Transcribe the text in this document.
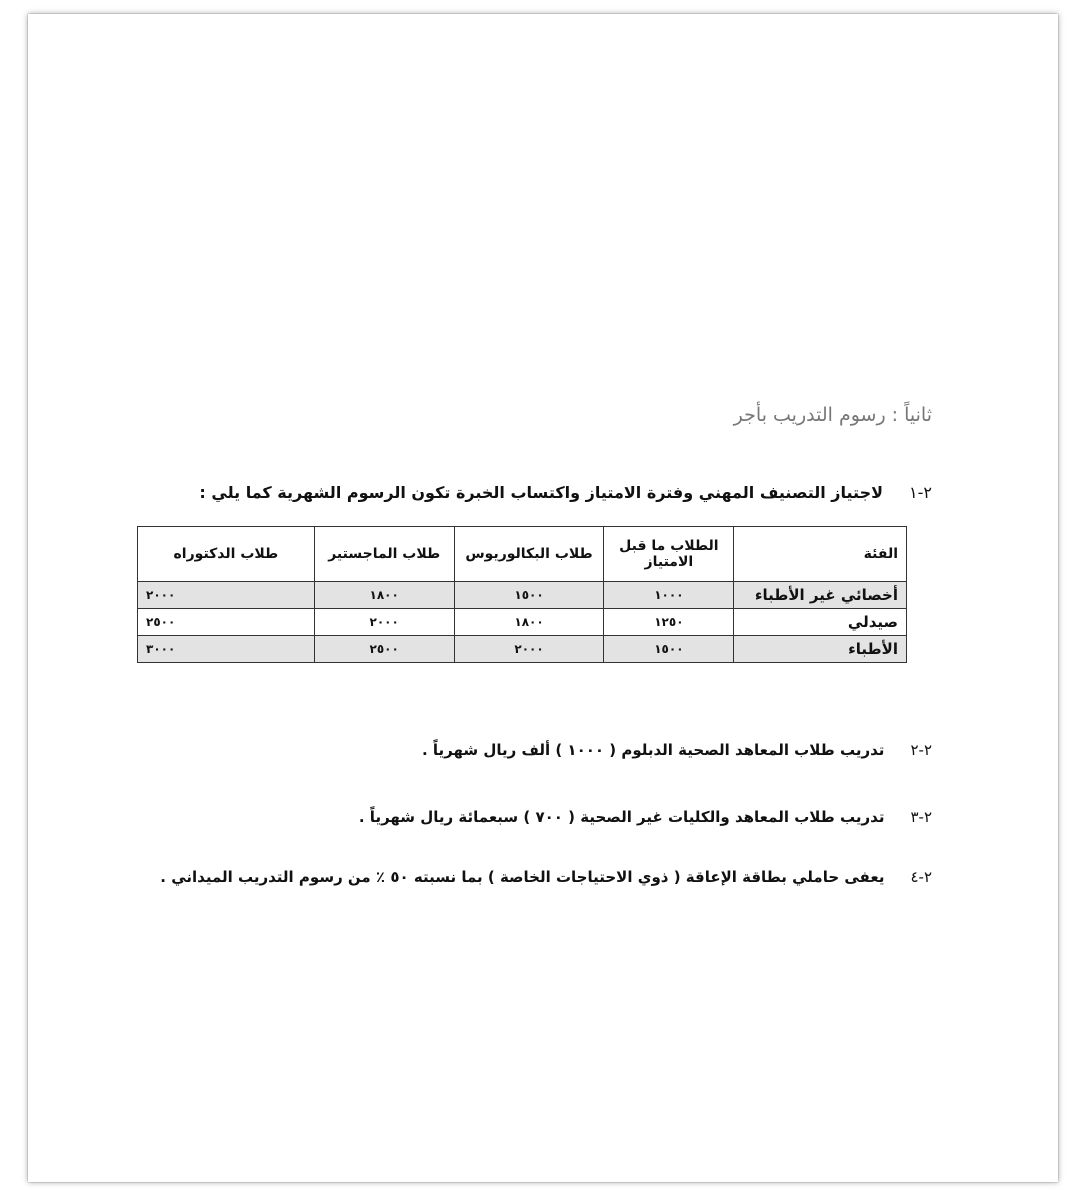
ثانياً : رسوم التدريب بأجر
٢-١لاجتياز التصنيف المهني وفترة الامتياز واكتساب الخبرة تكون الرسوم الشهرية كما يلي :
الفئة	الطلاب ما قبل الامتياز	طلاب البكالوريوس	طلاب الماجستير	طلاب الدكتوراه
أخصائي غير الأطباء	١٠٠٠	١٥٠٠	١٨٠٠	٢٠٠٠
صيدلي	١٢٥٠	١٨٠٠	٢٠٠٠	٢٥٠٠
الأطباء	١٥٠٠	٢٠٠٠	٢٥٠٠	٣٠٠٠
٢-٢تدريب طلاب المعاهد الصحية الدبلوم ( ١٠٠٠ ) ألف ريال شهرياً .
٢-٣تدريب طلاب المعاهد والكليات غير الصحية ( ٧٠٠ ) سبعمائة ريال شهرياً .
٢-٤يعفى حاملي بطاقة الإعاقة ( ذوي الاحتياجات الخاصة ) بما نسبته ٥٠ ٪ من رسوم التدريب الميداني .
